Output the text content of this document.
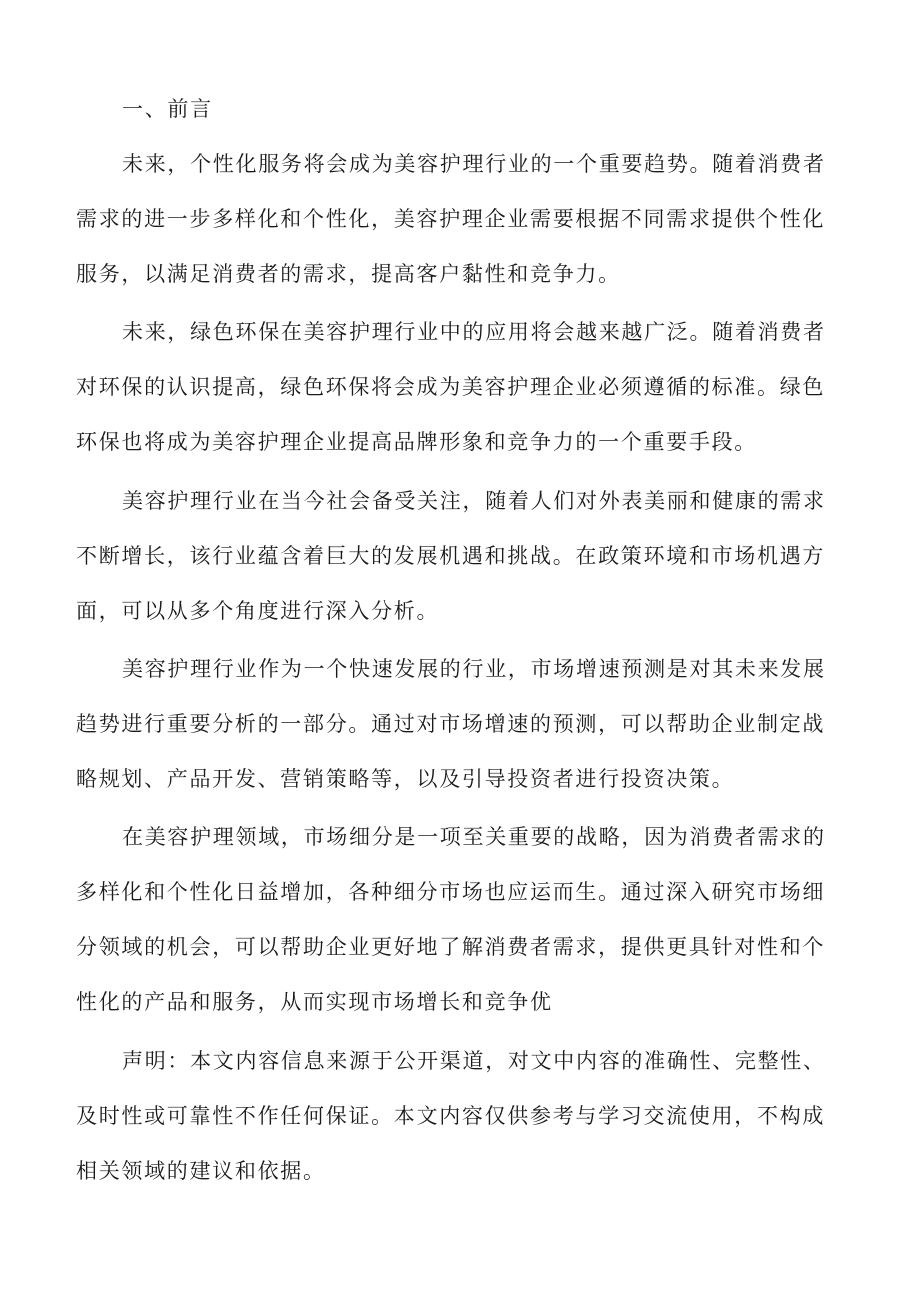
一、前言
未来，个性化服务将会成为美容护理行业的一个重要趋势。随着消费者
需求的进一步多样化和个性化，美容护理企业需要根据不同需求提供个性化
服务，以满足消费者的需求，提高客户黏性和竞争力。
未来，绿色环保在美容护理行业中的应用将会越来越广泛。随着消费者
对环保的认识提高，绿色环保将会成为美容护理企业必须遵循的标准。绿色
环保也将成为美容护理企业提高品牌形象和竞争力的一个重要手段。
美容护理行业在当今社会备受关注，随着人们对外表美丽和健康的需求
不断增长，该行业蕴含着巨大的发展机遇和挑战。在政策环境和市场机遇方
面，可以从多个角度进行深入分析。
美容护理行业作为一个快速发展的行业，市场增速预测是对其未来发展
趋势进行重要分析的一部分。通过对市场增速的预测，可以帮助企业制定战
略规划、产品开发、营销策略等，以及引导投资者进行投资决策。
在美容护理领域，市场细分是一项至关重要的战略，因为消费者需求的
多样化和个性化日益增加，各种细分市场也应运而生。通过深入研究市场细
分领域的机会，可以帮助企业更好地了解消费者需求，提供更具针对性和个
性化的产品和服务，从而实现市场增长和竞争优
声明：本文内容信息来源于公开渠道，对文中内容的准确性、完整性、
及时性或可靠性不作任何保证。本文内容仅供参考与学习交流使用，不构成
相关领域的建议和依据。
